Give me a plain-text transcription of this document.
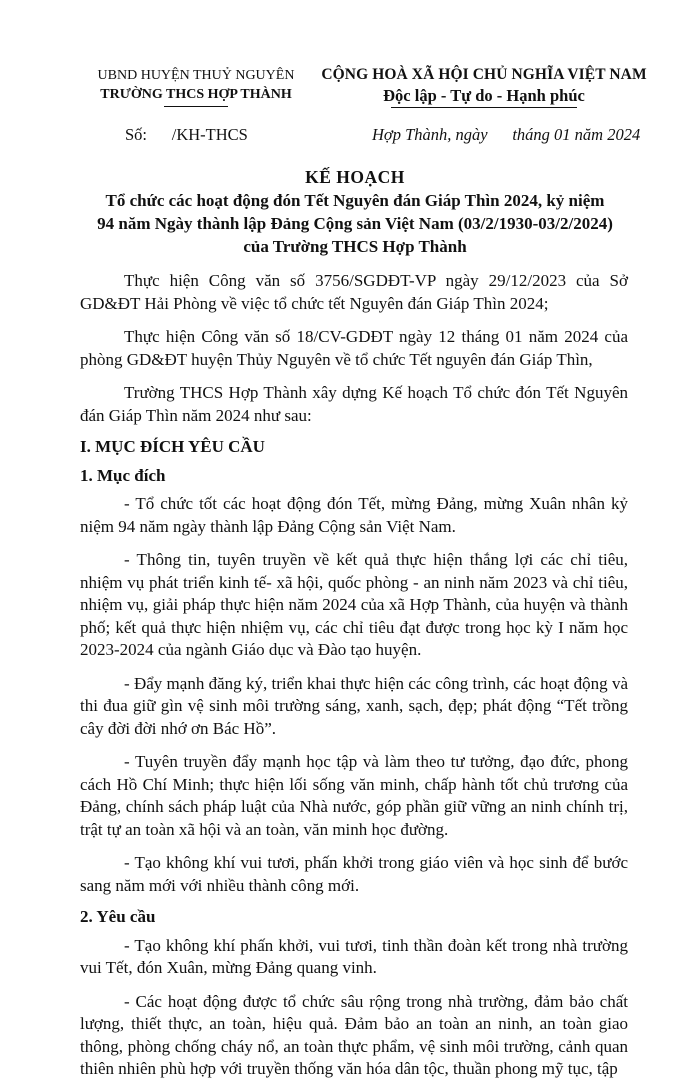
UBND HUYỆN THUỶ NGUYÊN
TRƯỜNG THCS HỢP THÀNH
CỘNG HOÀ XÃ HỘI CHỦ NGHĨA VIỆT NAM
Độc lập - Tự do - Hạnh phúc
Số:      /KH-THCS	Hợp Thành, ngày      tháng 01 năm 2024
KẾ HOẠCH
Tổ chức các hoạt động đón Tết Nguyên đán Giáp Thìn 2024, kỷ niệm
94 năm Ngày thành lập Đảng Cộng sản Việt Nam (03/2/1930-03/2/2024)
của Trường THCS Hợp Thành

Thực hiện Công văn số 3756/SGDĐT-VP ngày 29/12/2023 của Sở GD&ĐT Hải Phòng về việc tổ chức tết Nguyên đán Giáp Thìn 2024;

Thực hiện Công văn số 18/CV-GDĐT ngày 12 tháng 01 năm 2024 của phòng GD&ĐT huyện Thủy Nguyên về tổ chức Tết nguyên đán Giáp Thìn,

Trường THCS Hợp Thành xây dựng Kế hoạch Tổ chức đón Tết Nguyên đán Giáp Thìn năm 2024 như sau:

I. MỤC ĐÍCH YÊU CẦU
1. Mục đích

- Tổ chức tốt các hoạt động đón Tết, mừng Đảng, mừng Xuân nhân kỷ niệm 94 năm ngày thành lập Đảng Cộng sản Việt Nam.

- Thông tin, tuyên truyền về kết quả thực hiện thắng lợi các chỉ tiêu, nhiệm vụ phát triển kinh tế- xã hội, quốc phòng - an ninh năm 2023 và chỉ tiêu, nhiệm vụ, giải pháp thực hiện năm 2024 của xã Hợp Thành, của huyện và thành phố; kết quả thực hiện nhiệm vụ, các chỉ tiêu đạt được trong học kỳ I năm học 2023-2024 của ngành Giáo dục và Đào tạo huyện.

- Đẩy mạnh đăng ký, triển khai thực hiện các công trình, các hoạt động và thi đua giữ gìn vệ sinh môi trường sáng, xanh, sạch, đẹp; phát động “Tết trồng cây đời đời nhớ ơn Bác Hồ”.

- Tuyên truyền đẩy mạnh học tập và làm theo tư tưởng, đạo đức, phong cách Hồ Chí Minh; thực hiện lối sống văn minh, chấp hành tốt chủ trương của Đảng, chính sách pháp luật của Nhà nước, góp phần giữ vững an ninh chính trị, trật tự an toàn xã hội và an toàn, văn minh học đường.

- Tạo không khí vui tươi, phấn khởi trong giáo viên và học sinh để bước sang năm mới với nhiều thành công mới.

2. Yêu cầu

- Tạo không khí phấn khởi, vui tươi, tinh thần đoàn kết trong nhà trường vui Tết, đón Xuân, mừng Đảng quang vinh.

- Các hoạt động được tổ chức sâu rộng trong nhà trường, đảm bảo chất lượng, thiết thực, an toàn, hiệu quả. Đảm bảo an toàn an ninh, an toàn giao thông, phòng chống cháy nổ, an toàn thực phẩm, vệ sinh môi trường, cảnh quan thiên nhiên phù hợp với truyền thống văn hóa dân tộc, thuần phong mỹ tục, tập
